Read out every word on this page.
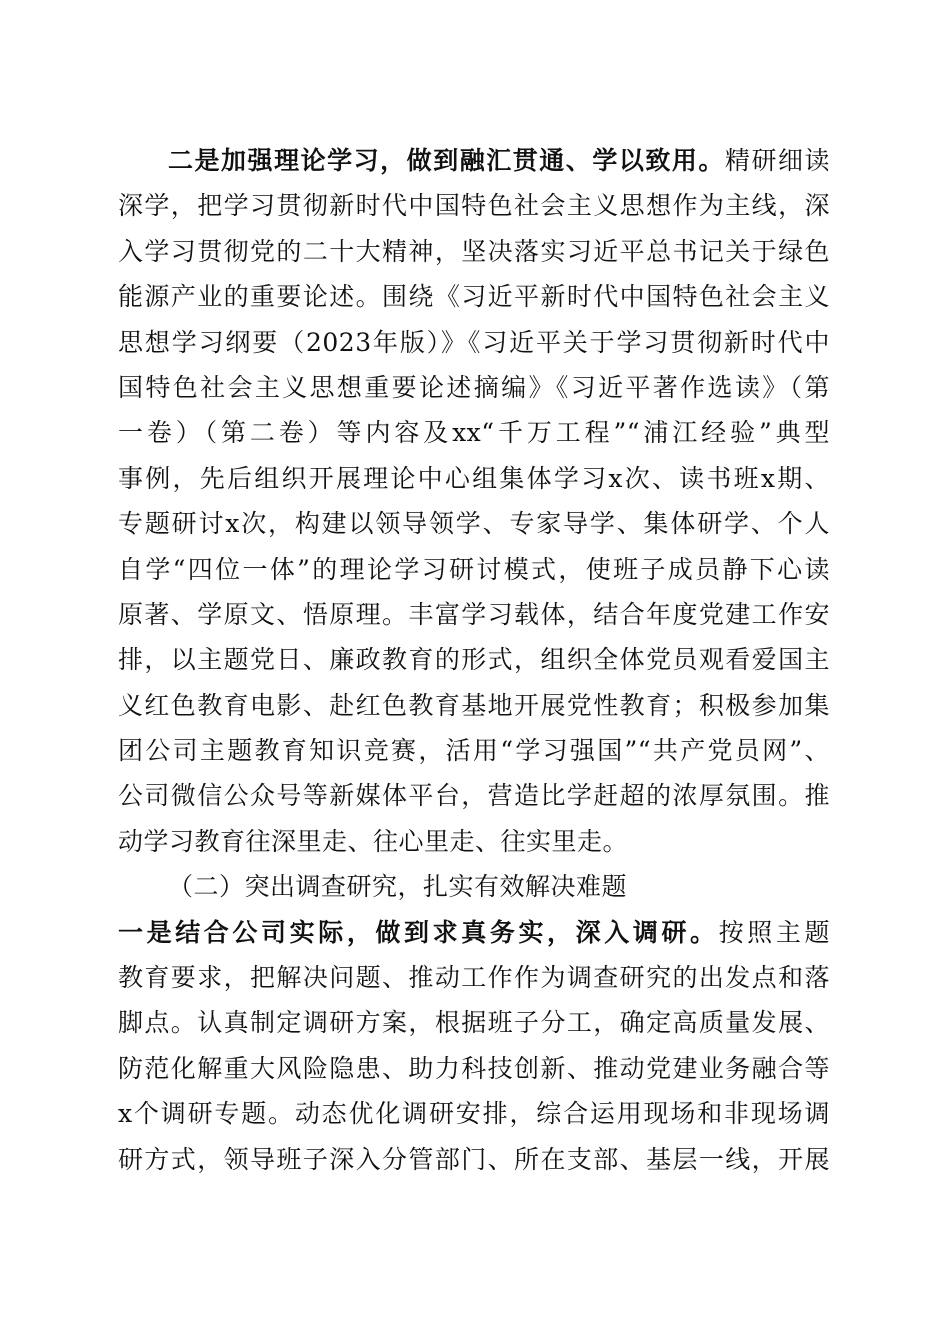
二是加强理论学习，做到融汇贯通、学以致用。精研细读
深学，把学习贯彻新时代中国特色社会主义思想作为主线，深
入学习贯彻党的二十大精神，坚决落实习近平总书记关于绿色
能源产业的重要论述。围绕《习近平新时代中国特色社会主义
思想学习纲要（2023年版）》《习近平关于学习贯彻新时代中
国特色社会主义思想重要论述摘编》《习近平著作选读》（第
一卷）（第二卷）等内容及xx“千万工程”“浦江经验”典型
事例，先后组织开展理论中心组集体学习x次、读书班x期、
专题研讨x次，构建以领导领学、专家导学、集体研学、个人
自学“四位一体”的理论学习研讨模式，使班子成员静下心读
原著、学原文、悟原理。丰富学习载体，结合年度党建工作安
排，以主题党日、廉政教育的形式，组织全体党员观看爱国主
义红色教育电影、赴红色教育基地开展党性教育；积极参加集
团公司主题教育知识竞赛，活用“学习强国”“共产党员网”、
公司微信公众号等新媒体平台，营造比学赶超的浓厚氛围。推
动学习教育往深里走、往心里走、往实里走。
（二）突出调查研究，扎实有效解决难题
一是结合公司实际，做到求真务实，深入调研。按照主题
教育要求，把解决问题、推动工作作为调查研究的出发点和落
脚点。认真制定调研方案，根据班子分工，确定高质量发展、
防范化解重大风险隐患、助力科技创新、推动党建业务融合等
x个调研专题。动态优化调研安排，综合运用现场和非现场调
研方式，领导班子深入分管部门、所在支部、基层一线，开展
